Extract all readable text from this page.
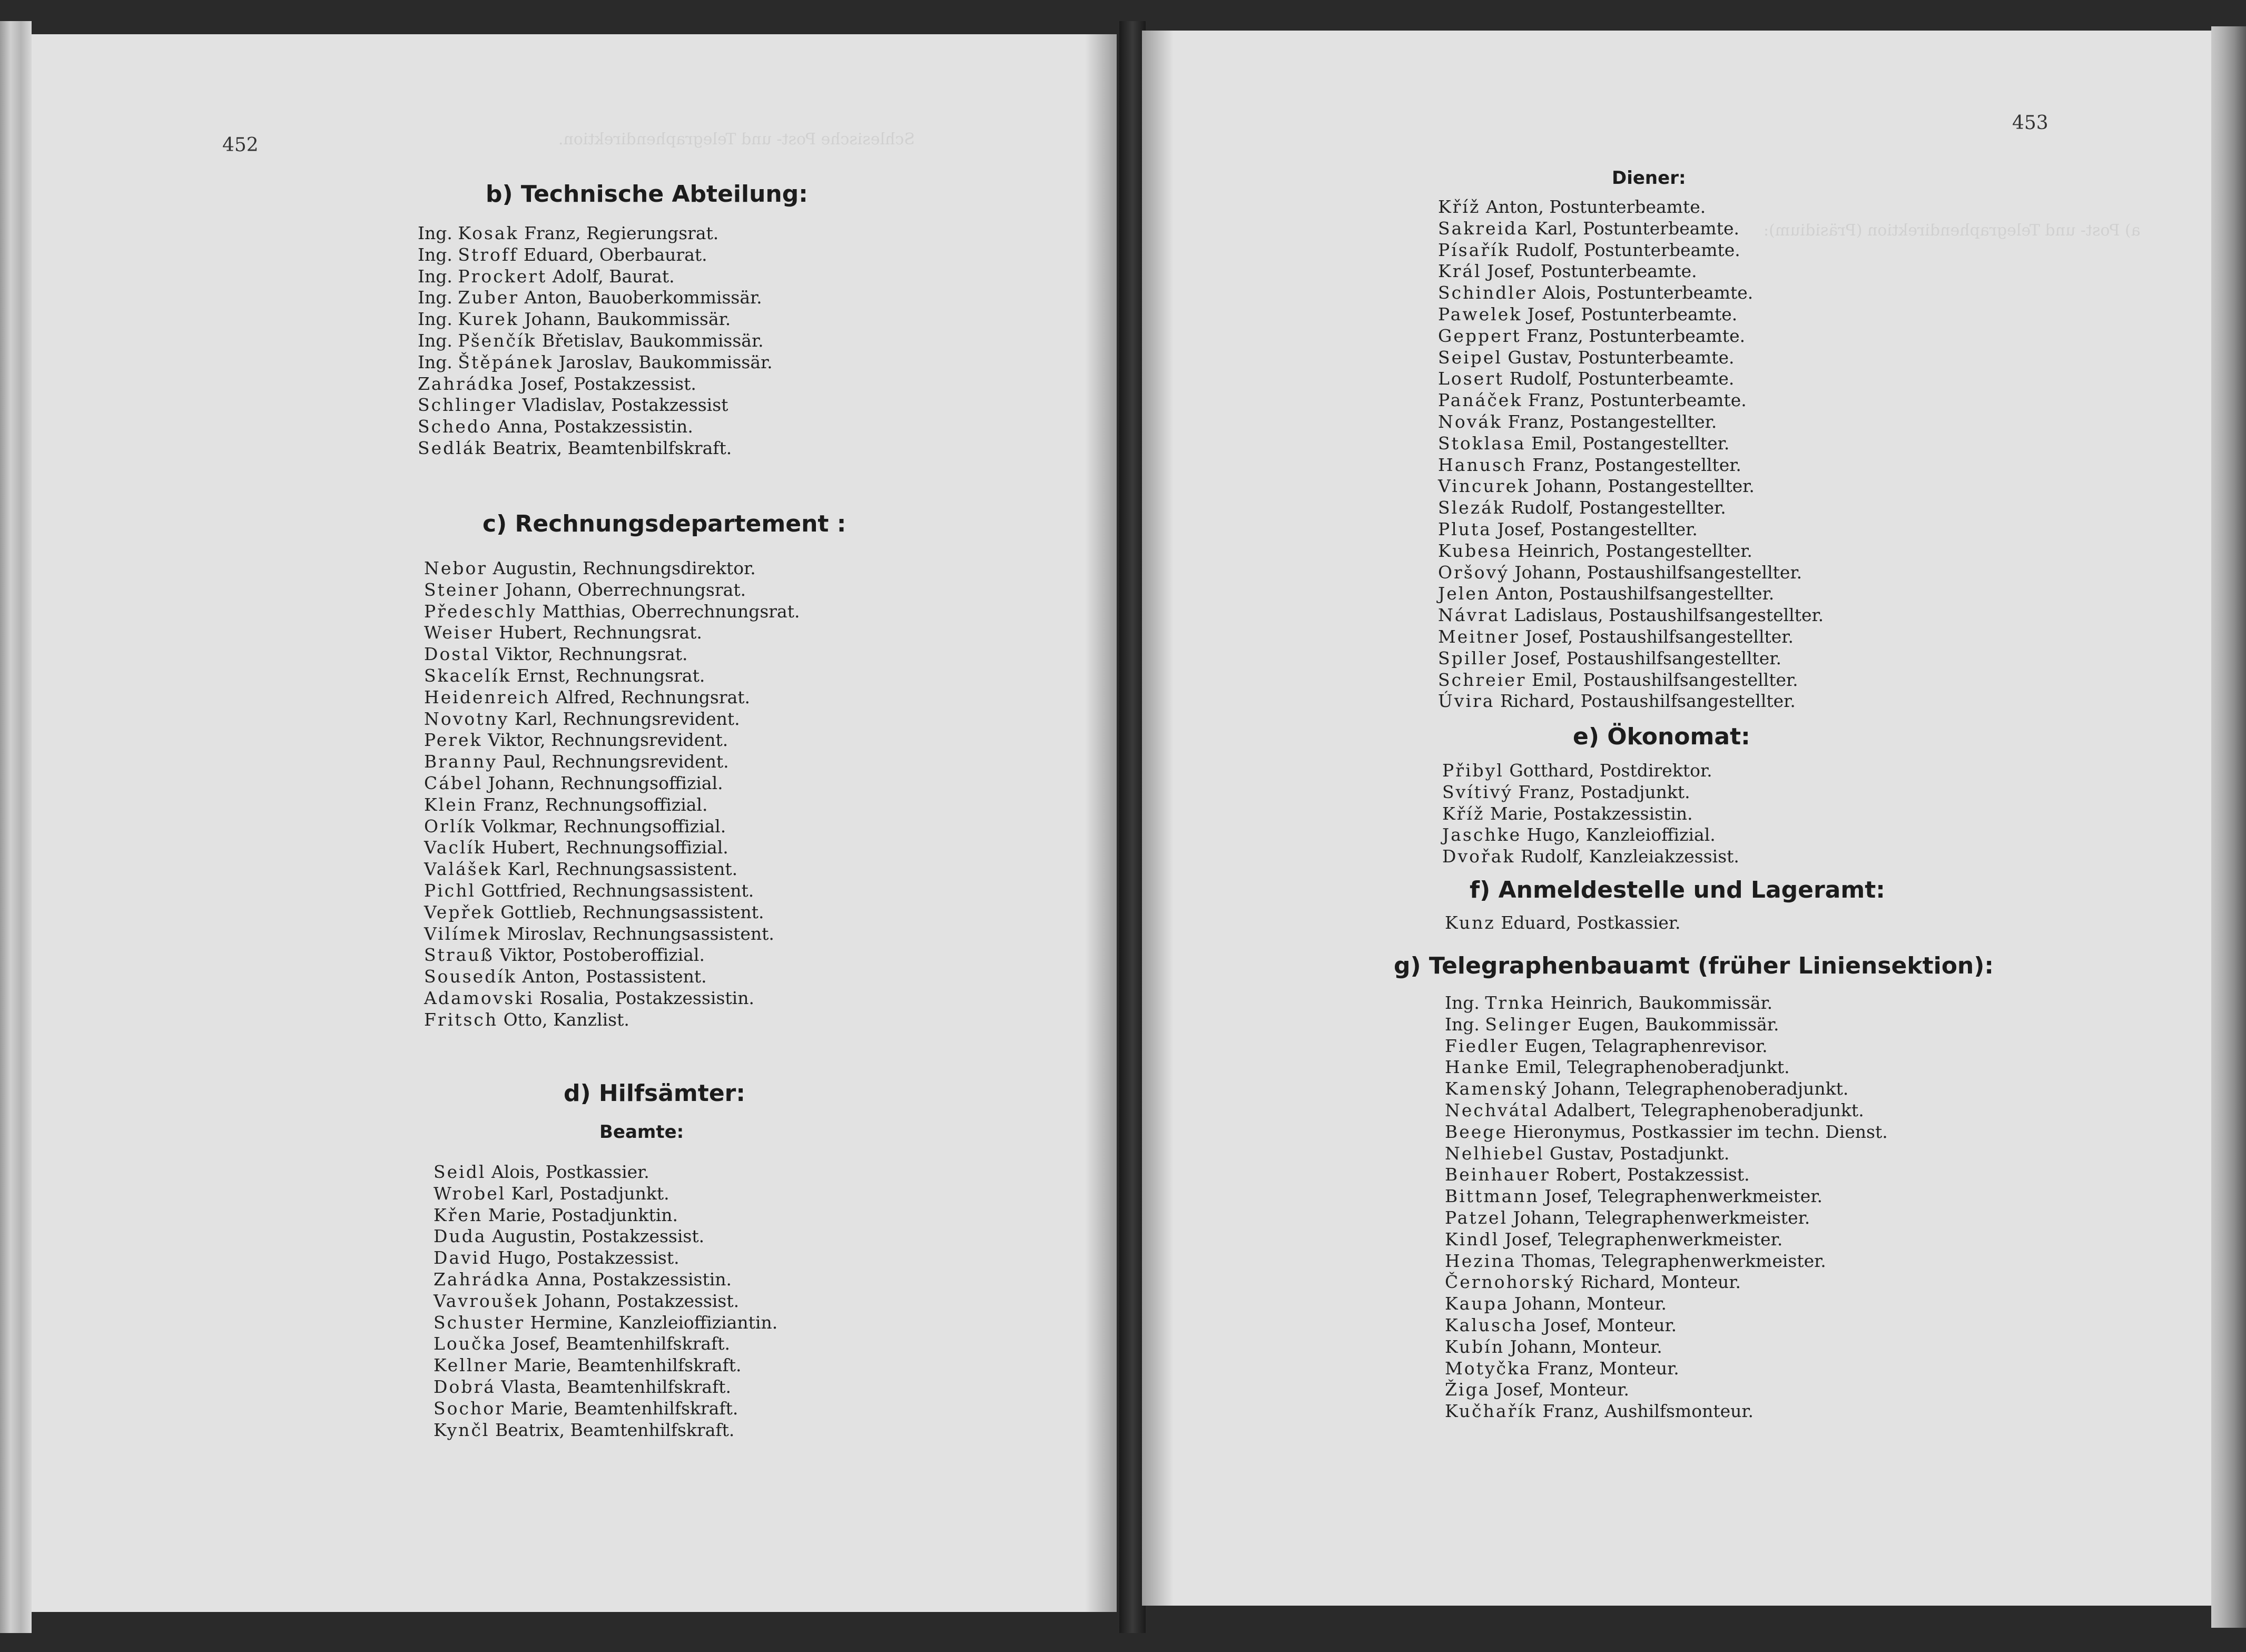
Schlesische Post- und Telegraphendirektion.
452
b) Technische Abteilung:
Ing. Kosak Franz, Regierungsrat.
Ing. Stroff Eduard, Oberbaurat.
Ing. Prockert Adolf, Baurat.
Ing. Zuber Anton, Bauoberkommissär.
Ing. Kurek Johann, Baukommissär.
Ing. Pšenčík Břetislav, Baukommissär.
Ing. Štěpánek Jaroslav, Baukommissär.
Zahrádka Josef, Postakzessist.
Schlinger Vladislav, Postakzessist
Schedo Anna, Postakzessistin.
Sedlák Beatrix, Beamtenbilfskraft.
c) Rechnungsdepartement :
Nebor Augustin, Rechnungsdirektor.
Steiner Johann, Oberrechnungsrat.
Předeschly Matthias, Oberrechnungsrat.
Weiser Hubert, Rechnungsrat.
Dostal Viktor, Rechnungsrat.
Skacelík Ernst, Rechnungsrat.
Heidenreich Alfred, Rechnungsrat.
Novotny Karl, Rechnungsrevident.
Perek Viktor, Rechnungsrevident.
Branny Paul, Rechnungsrevident.
Cábel Johann, Rechnungsoffizial.
Klein Franz, Rechnungsoffizial.
Orlík Volkmar, Rechnungsoffizial.
Vaclík Hubert, Rechnungsoffizial.
Valášek Karl, Rechnungsassistent.
Pichl Gottfried, Rechnungsassistent.
Vepřek Gottlieb, Rechnungsassistent.
Vilímek Miroslav, Rechnungsassistent.
Strauß Viktor, Postoberoffizial.
Sousedík Anton, Postassistent.
Adamovski Rosalia, Postakzessistin.
Fritsch Otto, Kanzlist.
d) Hilfsämter:
Beamte:
Seidl Alois, Postkassier.
Wrobel Karl, Postadjunkt.
Křen Marie, Postadjunktin.
Duda Augustin, Postakzessist.
David Hugo, Postakzessist.
Zahrádka Anna, Postakzessistin.
Vavroušek Johann, Postakzessist.
Schuster Hermine, Kanzleioffiziantin.
Loučka Josef, Beamtenhilfskraft.
Kellner Marie, Beamtenhilfskraft.
Dobrá Vlasta, Beamtenhilfskraft.
Sochor Marie, Beamtenhilfskraft.
Kynčl Beatrix, Beamtenhilfskraft.
a) Post- und Telegraphendirektion (Präsidium):
453
Diener:
Kříž Anton, Postunterbeamte.
Sakreida Karl, Postunterbeamte.
Písařík Rudolf, Postunterbeamte.
Král Josef, Postunterbeamte.
Schindler Alois, Postunterbeamte.
Pawelek Josef, Postunterbeamte.
Geppert Franz, Postunterbeamte.
Seipel Gustav, Postunterbeamte.
Losert Rudolf, Postunterbeamte.
Panáček Franz, Postunterbeamte.
Novák Franz, Postangestellter.
Stoklasa Emil, Postangestellter.
Hanusch Franz, Postangestellter.
Vincurek Johann, Postangestellter.
Slezák Rudolf, Postangestellter.
Pluta Josef, Postangestellter.
Kubesa Heinrich, Postangestellter.
Oršový Johann, Postaushilfsangestellter.
Jelen Anton, Postaushilfsangestellter.
Návrat Ladislaus, Postaushilfsangestellter.
Meitner Josef, Postaushilfsangestellter.
Spiller Josef, Postaushilfsangestellter.
Schreier Emil, Postaushilfsangestellter.
Úvira Richard, Postaushilfsangestellter.
e) Ökonomat:
Přibyl Gotthard, Postdirektor.
Svítivý Franz, Postadjunkt.
Kříž Marie, Postakzessistin.
Jaschke Hugo, Kanzleioffizial.
Dvořak Rudolf, Kanzleiakzessist.
f) Anmeldestelle und Lageramt:
Kunz Eduard, Postkassier.
g) Telegraphenbauamt (früher Liniensektion):
Ing. Trnka Heinrich, Baukommissär.
Ing. Selinger Eugen, Baukommissär.
Fiedler Eugen, Telagraphenrevisor.
Hanke Emil, Telegraphenoberadjunkt.
Kamenský Johann, Telegraphenoberadjunkt.
Nechvátal Adalbert, Telegraphenoberadjunkt.
Beege Hieronymus, Postkassier im techn. Dienst.
Nelhiebel Gustav, Postadjunkt.
Beinhauer Robert, Postakzessist.
Bittmann Josef, Telegraphenwerkmeister.
Patzel Johann, Telegraphenwerkmeister.
Kindl Josef, Telegraphenwerkmeister.
Hezina Thomas, Telegraphenwerkmeister.
Černohorský Richard, Monteur.
Kaupa Johann, Monteur.
Kaluscha Josef, Monteur.
Kubín Johann, Monteur.
Motyčka Franz, Monteur.
Žiga Josef, Monteur.
Kučhařík Franz, Aushilfsmonteur.
